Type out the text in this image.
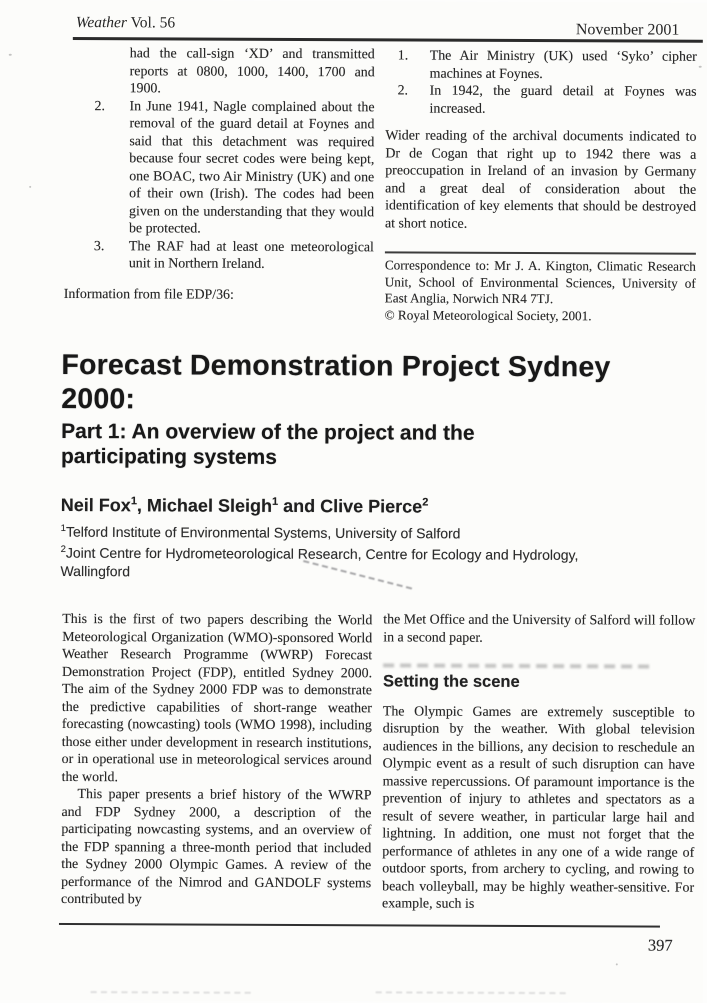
Weather Vol. 56	November 2001
had the call-sign ‘XD’ and transmitted reports at 0800, 1000, 1400, 1700 and 1900.
2.	In June 1941, Nagle complained about the removal of the guard detail at Foynes and said that this detachment was required because four secret codes were being kept, one BOAC, two Air Ministry (UK) and one of their own (Irish). The codes had been given on the understanding that they would be protected.
3.	The RAF had at least one meteorological unit in Northern Ireland.
Information from file EDP/36:
1.	The Air Ministry (UK) used ‘Syko’ cipher machines at Foynes.
2.	In 1942, the guard detail at Foynes was increased.
Wider reading of the archival documents indicated to Dr de Cogan that right up to 1942 there was a preoccupation in Ireland of an invasion by Germany and a great deal of consideration about the identification of key elements that should be destroyed at short notice.
Correspondence to: Mr J. A. Kington, Climatic Research Unit, School of Environmental Sciences, University of East Anglia, Norwich NR4 7TJ.
© Royal Meteorological Society, 2001.
Forecast Demonstration Project Sydney
2000:
Part 1: An overview of the project and the
participating systems
Neil Fox$^1$, Michael Sleigh$^1$ and Clive Pierce$^2$
$^1$Telford Institute of Environmental Systems, University of Salford
$^2$Joint Centre for Hydrometeorological Research, Centre for Ecology and Hydrology,
Wallingford
This is the first of two papers describing the World Meteorological Organization (WMO)-sponsored World Weather Research Programme (WWRP) Forecast Demonstration Project (FDP), entitled Sydney 2000. The aim of the Sydney 2000 FDP was to demonstrate the predictive capabilities of short-range weather forecasting (nowcasting) tools (WMO 1998), including those either under development in research institutions, or in operational use in meteorological services around the world.
This paper presents a brief history of the WWRP and FDP Sydney 2000, a description of the participating nowcasting systems, and an overview of the FDP spanning a three-month period that included the Sydney 2000 Olympic Games. A review of the performance of the Nimrod and GANDOLF systems contributed by
the Met Office and the University of Salford will follow in a second paper.
Setting the scene
The Olympic Games are extremely susceptible to disruption by the weather. With global television audiences in the billions, any decision to reschedule an Olympic event as a result of such disruption can have massive repercussions. Of paramount importance is the prevention of injury to athletes and spectators as a result of severe weather, in particular large hail and lightning. In addition, one must not forget that the performance of athletes in any one of a wide range of outdoor sports, from archery to cycling, and rowing to beach volleyball, may be highly weather-sensitive. For example, such is
397
